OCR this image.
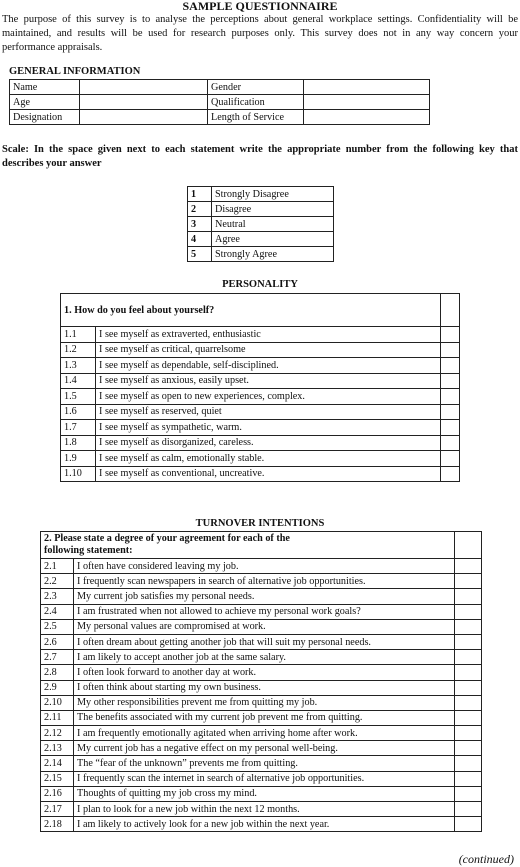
SAMPLE QUESTIONNAIRE
The purpose of this survey is to analyse the perceptions about general workplace settings. Confidentiality will be maintained, and results will be used for research purposes only. This survey does not in any way concern your performance appraisals.
GENERAL INFORMATION
Name		Gender	
Age		Qualification	
Designation		Length of Service	
Scale: In the space given next to each statement write the appropriate number from the following key that describes your answer
1	Strongly Disagree
2	Disagree
3	Neutral
4	Agree
5	Strongly Agree
PERSONALITY
1. How do you feel about yourself?		
1.1	I see myself as extraverted, enthusiastic	
1.2	I see myself as critical, quarrelsome	
1.3	I see myself as dependable, self-disciplined.	
1.4	I see myself as anxious, easily upset.	
1.5	I see myself as open to new experiences, complex.	
1.6	I see myself as reserved, quiet	
1.7	I see myself as sympathetic, warm.	
1.8	I see myself as disorganized, careless.	
1.9	I see myself as calm, emotionally stable.	
1.10	I see myself as conventional, uncreative.	
TURNOVER INTENTIONS
2. Please state a degree of your agreement for each of the
following statement:		

2.1	I often have considered leaving my job.	
2.2	I frequently scan newspapers in search of alternative job opportunities.	
2.3	My current job satisfies my personal needs.	
2.4	I am frustrated when not allowed to achieve my personal work goals?	
2.5	My personal values are compromised at work.	
2.6	I often dream about getting another job that will suit my personal needs.	
2.7	I am likely to accept another job at the same salary.	
2.8	I often look forward to another day at work.	
2.9	I often think about starting my own business.	
2.10	My other responsibilities prevent me from quitting my job.	
2.11	The benefits associated with my current job prevent me from quitting.	
2.12	I am frequently emotionally agitated when arriving home after work.	
2.13	My current job has a negative effect on my personal well-being.	
2.14	The “fear of the unknown” prevents me from quitting.	
2.15	I frequently scan the internet in search of alternative job opportunities.	
2.16	Thoughts of quitting my job cross my mind.	
2.17	I plan to look for a new job within the next 12 months.	
2.18	I am likely to actively look for a new job within the next year.	
(continued)
